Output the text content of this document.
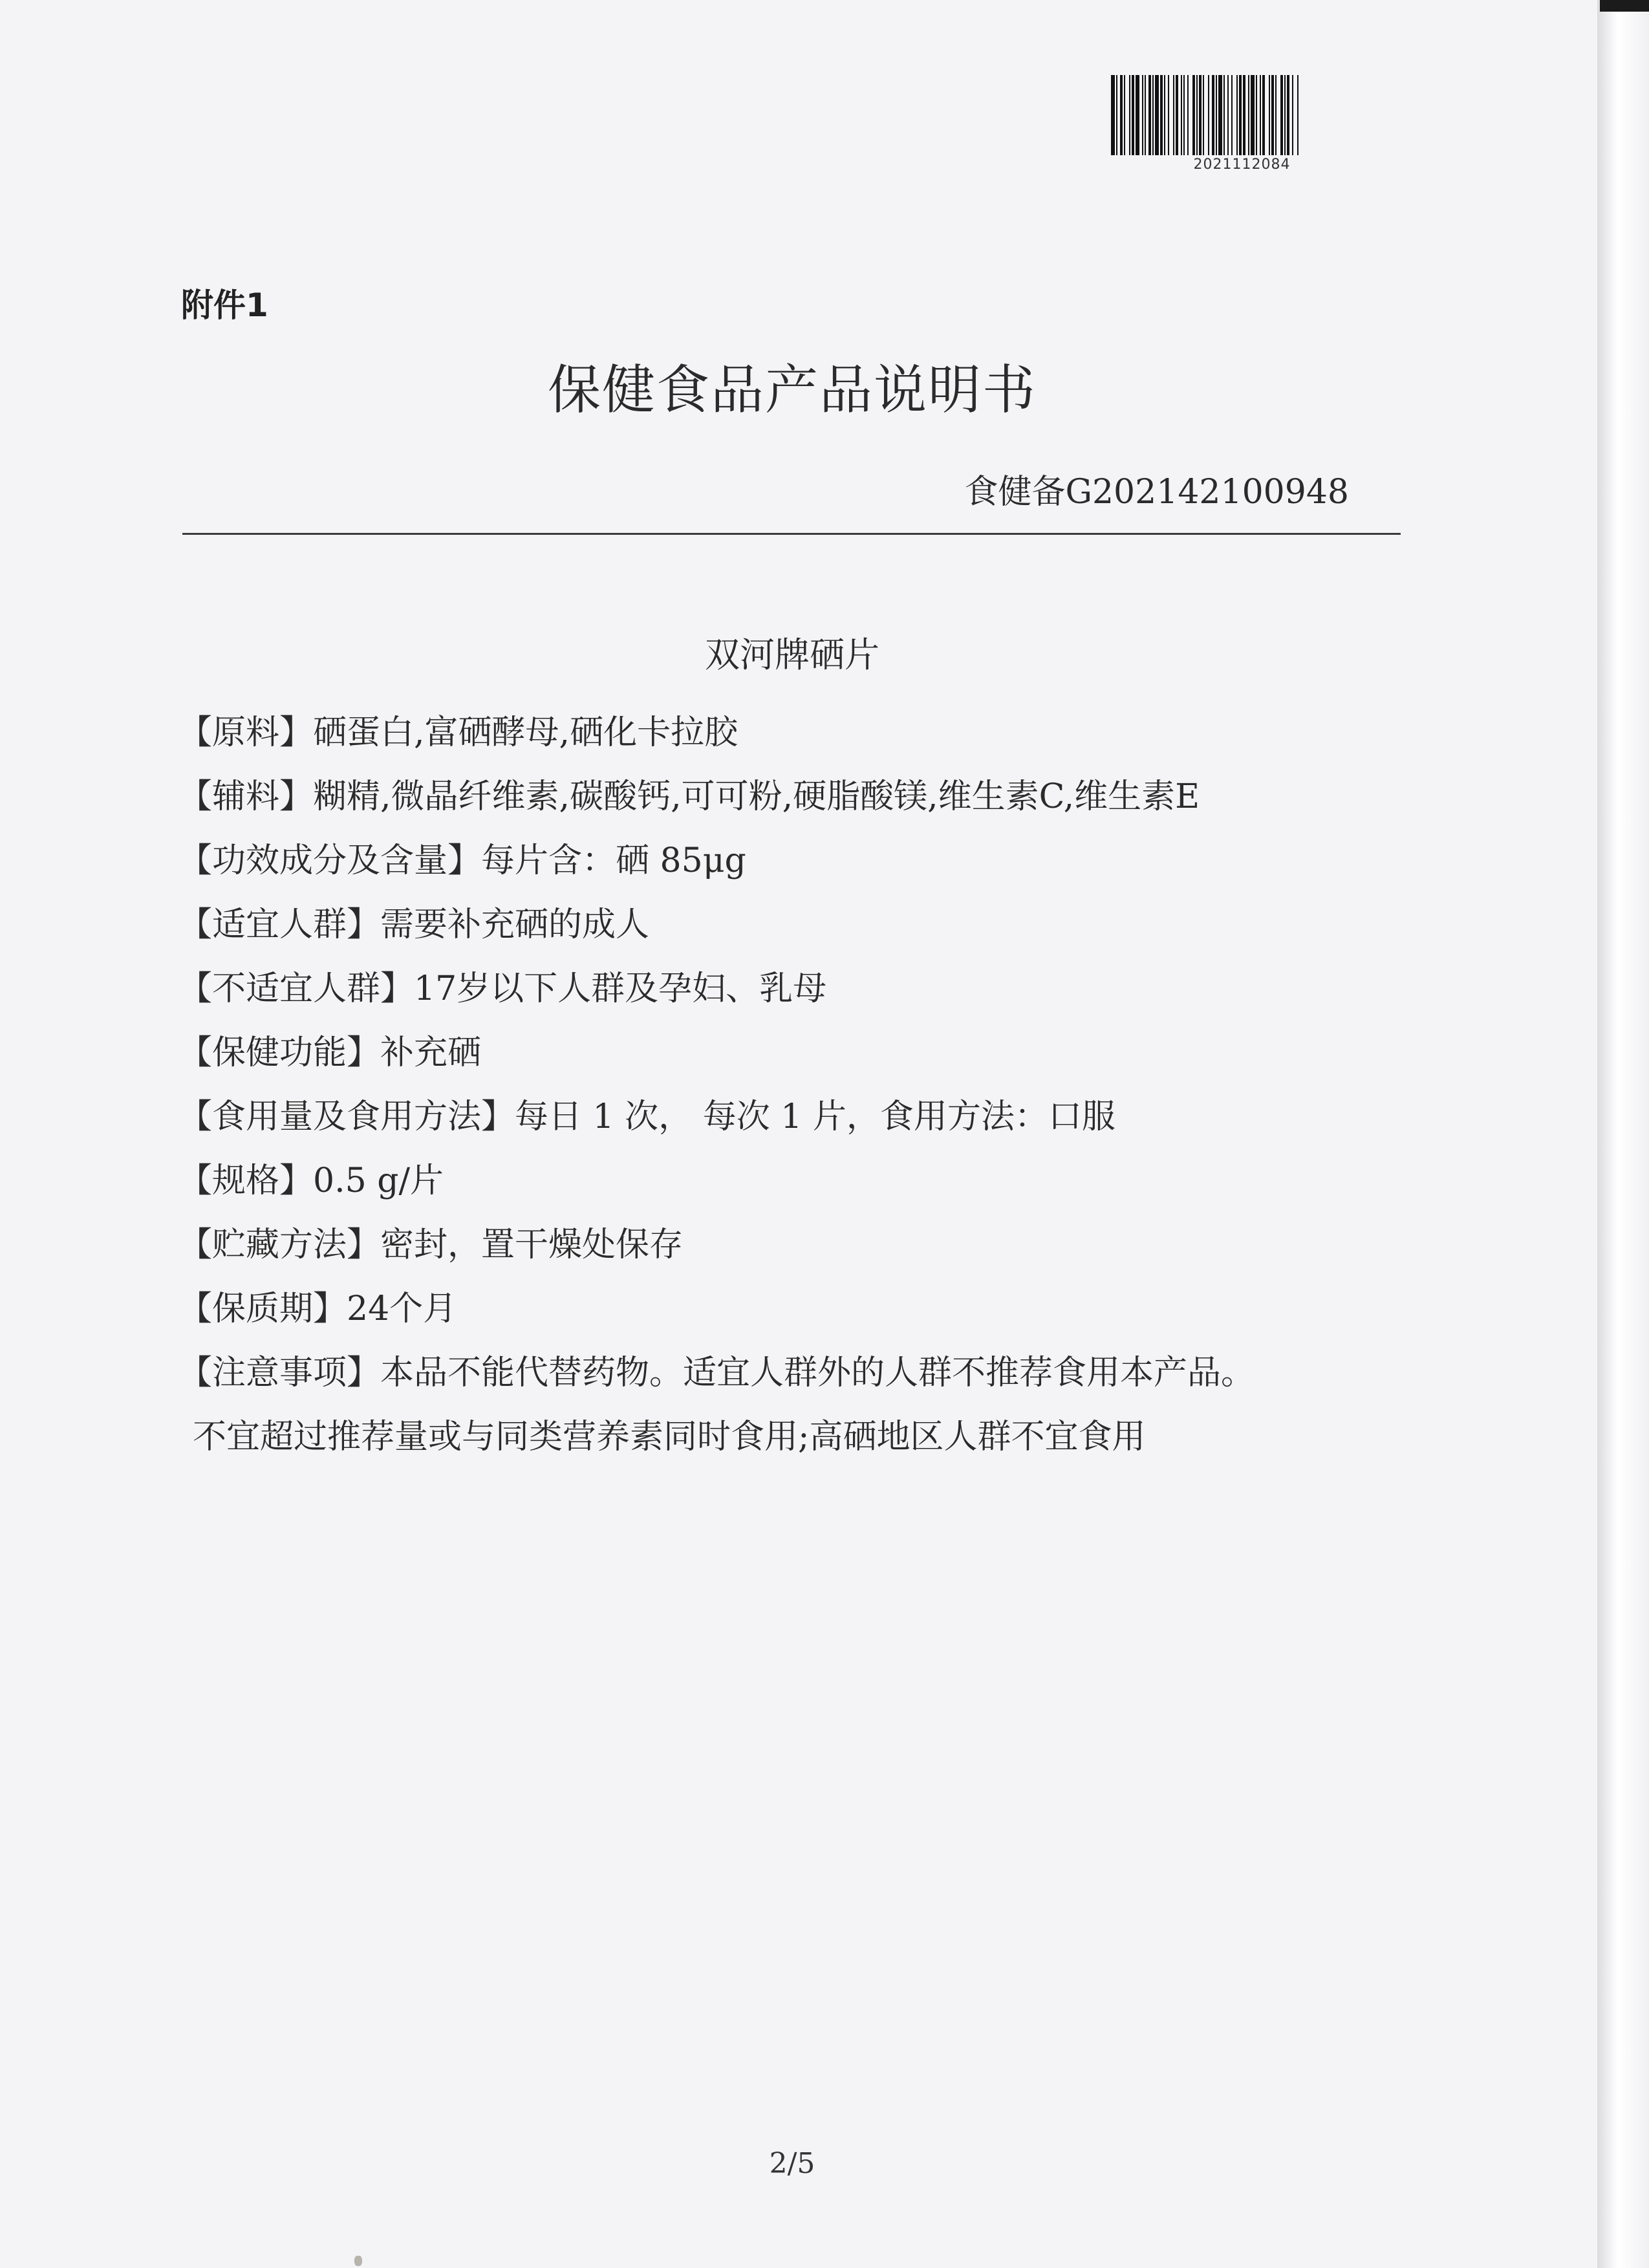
2021112084
附件1
保健食品产品说明书
食健备G202142100948
双河牌硒片
【原料】硒蛋白,富硒酵母,硒化卡拉胶
【辅料】糊精,微晶纤维素,碳酸钙,可可粉,硬脂酸镁,维生素C,维生素E
【功效成分及含量】每片含：硒 85μg
【适宜人群】需要补充硒的成人
【不适宜人群】17岁以下人群及孕妇、乳母
【保健功能】补充硒
【食用量及食用方法】每日 1 次， 每次 1 片，食用方法：口服
【规格】0.5 g/片
【贮藏方法】密封，置干燥处保存
【保质期】24个月
【注意事项】本品不能代替药物。适宜人群外的人群不推荐食用本产品。
不宜超过推荐量或与同类营养素同时食用;高硒地区人群不宜食用
2/5
